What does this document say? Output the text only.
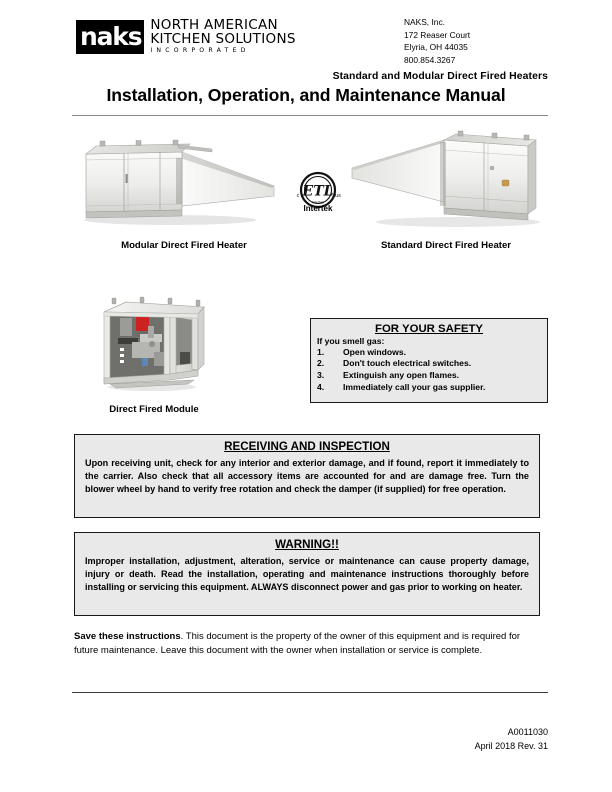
naks NORTH AMERICAN
KITCHEN SOLUTIONS
INCORPORATED
NAKS, Inc.
172 Reaser Court
Elyria, OH 44035
800.854.3267
Standard and Modular Direct Fired Heaters
Installation, Operation, and Maintenance Manual
Modular Direct Fired Heater
ETL
c	us
Intertek
Intertek
Standard Direct Fired Heater
Direct Fired Module
FOR YOUR SAFETY
If you smell gas:
1.	Open windows.
2.	Don't touch electrical switches.
3.	Extinguish any open flames.
4.	Immediately call your gas supplier.
RECEIVING AND INSPECTION
Upon receiving unit, check for any interior and exterior damage, and if found, report it immediately to the carrier. Also check that all accessory items are accounted for and are damage free. Turn the blower wheel by hand to verify free rotation and check the damper (if supplied) for free operation.
WARNING!!
Improper installation, adjustment, alteration, service or maintenance can cause property damage, injury or death. Read the installation, operating and maintenance instructions thoroughly before installing or servicing this equipment. ALWAYS disconnect power and gas prior to working on heater.
Save these instructions. This document is the property of the owner of this equipment and is required for future maintenance. Leave this document with the owner when installation or service is complete.
A0011030
April 2018 Rev. 31
